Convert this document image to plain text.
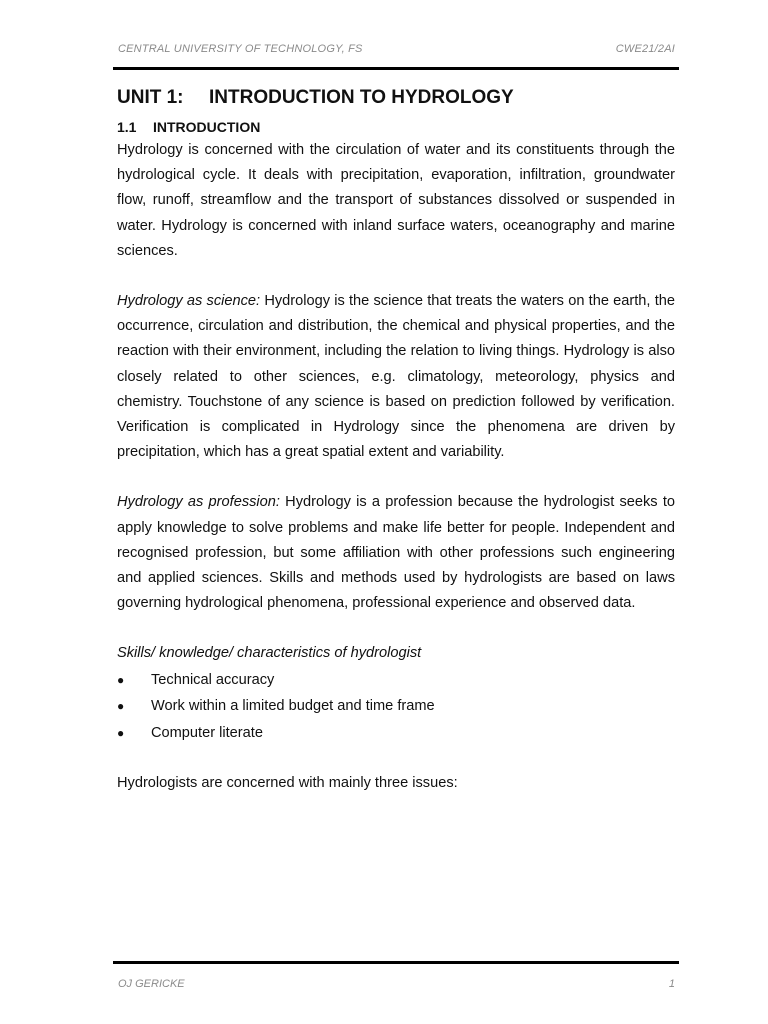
CENTRAL UNIVERSITY OF TECHNOLOGY, FS	CWE21/2AI
UNIT 1:	INTRODUCTION TO HYDROLOGY
1.1	INTRODUCTION

Hydrology is concerned with the circulation of water and its constituents through the hydrological cycle. It deals with precipitation, evaporation, infiltration, groundwater flow, runoff, streamflow and the transport of substances dissolved or suspended in water. Hydrology is concerned with inland surface waters, oceanography and marine sciences.

Hydrology as science: Hydrology is the science that treats the waters on the earth, the occurrence, circulation and distribution, the chemical and physical properties, and the reaction with their environment, including the relation to living things. Hydrology is also closely related to other sciences, e.g. climatology, meteorology, physics and chemistry. Touchstone of any science is based on prediction followed by verification. Verification is complicated in Hydrology since the phenomena are driven by precipitation, which has a great spatial extent and variability.

Hydrology as profession: Hydrology is a profession because the hydrologist seeks to apply knowledge to solve problems and make life better for people. Independent and recognised profession, but some affiliation with other professions such engineering and applied sciences. Skills and methods used by hydrologists are based on laws governing hydrological phenomena, professional experience and observed data.

Skills/ knowledge/ characteristics of hydrologist
● Technical accuracy
● Work within a limited budget and time frame
● Computer literate

Hydrologists are concerned with mainly three issues:

OJ GERICKE	1
